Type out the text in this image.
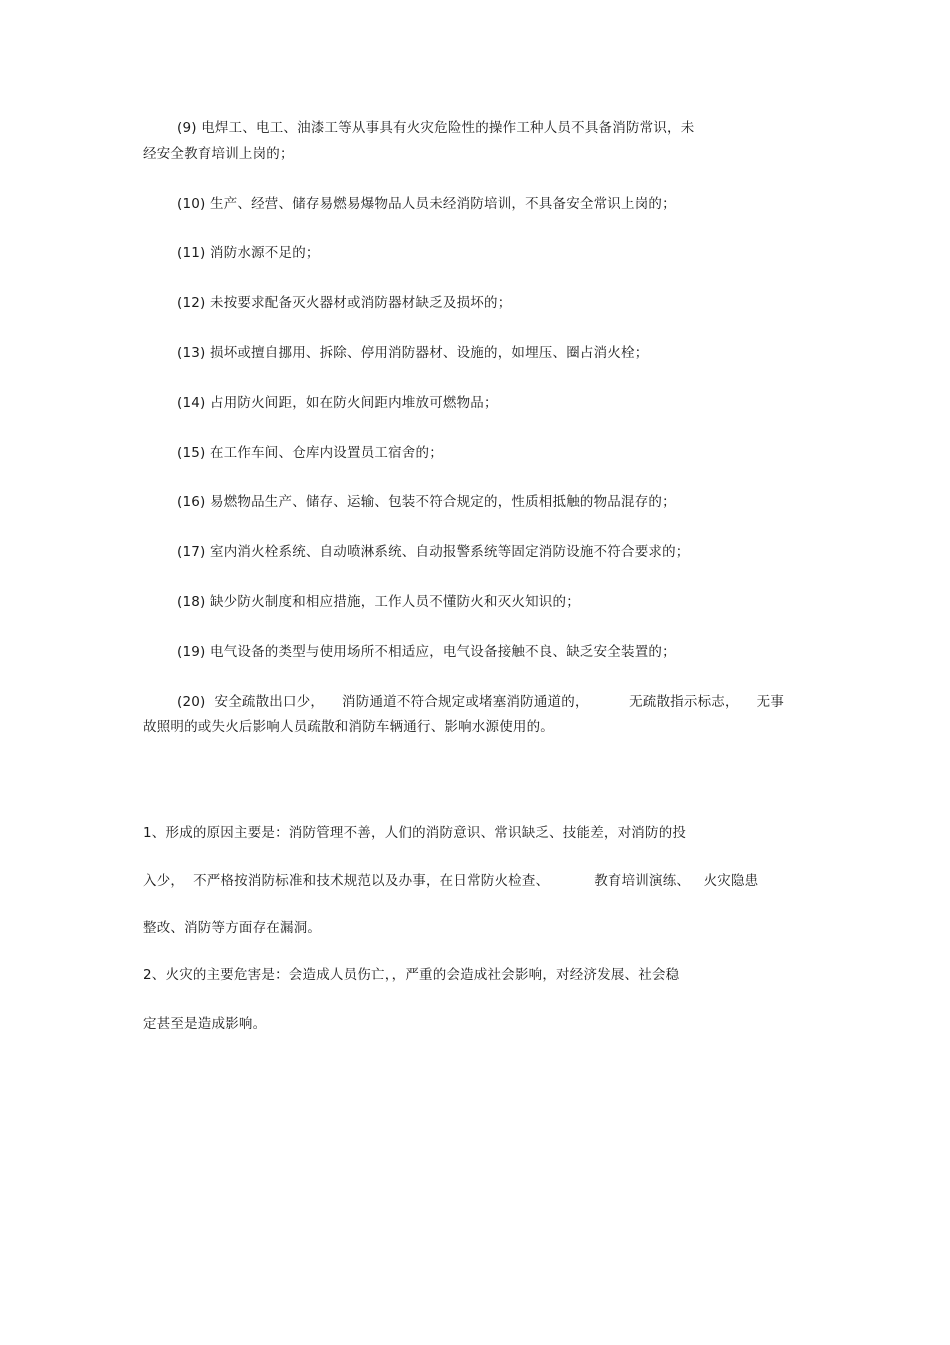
(9) 电焊工、电工、油漆工等从事具有火灾危险性的操作工种人员不具备消防常识，未
经安全教育培训上岗的；
(10) 生产、经营、储存易燃易爆物品人员未经消防培训，不具备安全常识上岗的；
(11) 消防水源不足的；
(12) 未按要求配备灭火器材或消防器材缺乏及损坏的；
(13) 损坏或擅自挪用、拆除、停用消防器材、设施的，如埋压、圈占消火栓；
(14) 占用防火间距，如在防火间距内堆放可燃物品；
(15) 在工作车间、仓库内设置员工宿舍的；
(16) 易燃物品生产、储存、运输、包装不符合规定的，性质相抵触的物品混存的；
(17) 室内消火栓系统、自动喷淋系统、自动报警系统等固定消防设施不符合要求的；
(18) 缺少防火制度和相应措施，工作人员不懂防火和灭火知识的；
(19) 电气设备的类型与使用场所不相适应，电气设备接触不良、缺乏安全装置的；
(20)  安全疏散出口少，    消防通道不符合规定或堵塞消防通道的，         无疏散指示标志，    无事
故照明的或失火后影响人员疏散和消防车辆通行、影响水源使用的。
1、形成的原因主要是：消防管理不善，人们的消防意识、常识缺乏、技能差，对消防的投
入少，  不严格按消防标准和技术规范以及办事，在日常防火检查、          教育培训演练、   火灾隐患
整改、消防等方面存在漏洞。
2、火灾的主要危害是：会造成人员伤亡，，严重的会造成社会影响，对经济发展、社会稳
定甚至是造成影响。
